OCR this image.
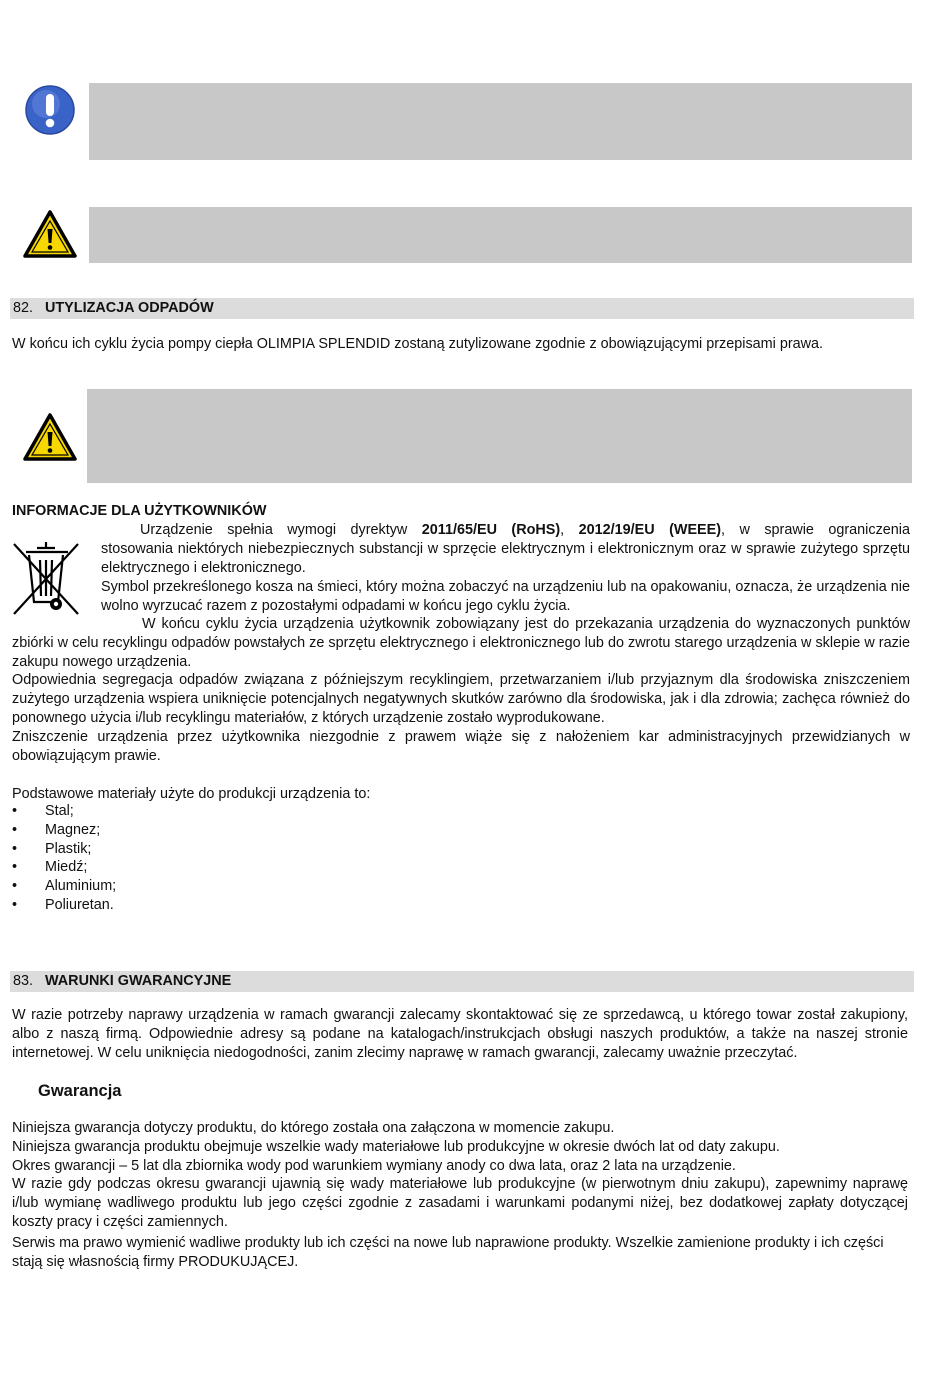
82. UTYLIZACJA ODPADÓW
W końcu ich cyklu życia pompy ciepła OLIMPIA SPLENDID zostaną zutylizowane zgodnie z obowiązującymi przepisami prawa.
INFORMACJE DLA UŻYTKOWNIKÓW
Urządzenie spełnia wymogi dyrektyw 2011/65/EU (RoHS), 2012/19/EU (WEEE), w sprawie ograniczenia
stosowania niektórych niebezpiecznych substancji w sprzęcie elektrycznym i elektronicznym oraz w sprawie zużytego sprzętu elektrycznego i elektronicznego.
Symbol przekreślonego kosza na śmieci, który można zobaczyć na urządzeniu lub na opakowaniu, oznacza, że urządzenia nie wolno wyrzucać razem z pozostałymi odpadami w końcu jego cyklu życia.
W końcu cyklu życia urządzenia użytkownik zobowiązany jest do przekazania urządzenia do wyznaczonych punktów zbiórki w celu recyklingu odpadów powstałych ze sprzętu elektrycznego i elektronicznego lub do zwrotu starego urządzenia w sklepie w razie zakupu nowego urządzenia.
Odpowiednia segregacja odpadów związana z późniejszym recyklingiem, przetwarzaniem i/lub przyjaznym dla środowiska zniszczeniem zużytego urządzenia wspiera uniknięcie potencjalnych negatywnych skutków zarówno dla środowiska, jak i dla zdrowia; zachęca również do ponownego użycia i/lub recyklingu materiałów, z których urządzenie zostało wyprodukowane.
Zniszczenie urządzenia przez użytkownika niezgodnie z prawem wiąże się z nałożeniem kar administracyjnych przewidzianych w obowiązującym prawie.
Podstawowe materiały użyte do produkcji urządzenia to:
• Stal;
• Magnez;
• Plastik;
• Miedź;
• Aluminium;
• Poliuretan.
83. WARUNKI GWARANCYJNE
W razie potrzeby naprawy urządzenia w ramach gwarancji zalecamy skontaktować się ze sprzedawcą, u którego towar został zakupiony, albo z naszą firmą. Odpowiednie adresy są podane na katalogach/instrukcjach obsługi naszych produktów, a także na naszej stronie internetowej. W celu uniknięcia niedogodności, zanim zlecimy naprawę w ramach gwarancji, zalecamy uważnie przeczytać.
Gwarancja
Niniejsza gwarancja dotyczy produktu, do którego została ona załączona w momencie zakupu.
Niniejsza gwarancja produktu obejmuje wszelkie wady materiałowe lub produkcyjne w okresie dwóch lat od daty zakupu.
Okres gwarancji – 5 lat dla zbiornika wody pod warunkiem wymiany anody co dwa lata, oraz 2 lata na urządzenie.
W razie gdy podczas okresu gwarancji ujawnią się wady materiałowe lub produkcyjne (w pierwotnym dniu zakupu), zapewnimy naprawę i/lub wymianę wadliwego produktu lub jego części zgodnie z zasadami i warunkami podanymi niżej, bez dodatkowej zapłaty dotyczącej koszty pracy i części zamiennych.
Serwis ma prawo wymienić wadliwe produkty lub ich części na nowe lub naprawione produkty. Wszelkie zamienione produkty i ich części stają się własnością firmy PRODUKUJĄCEJ.
